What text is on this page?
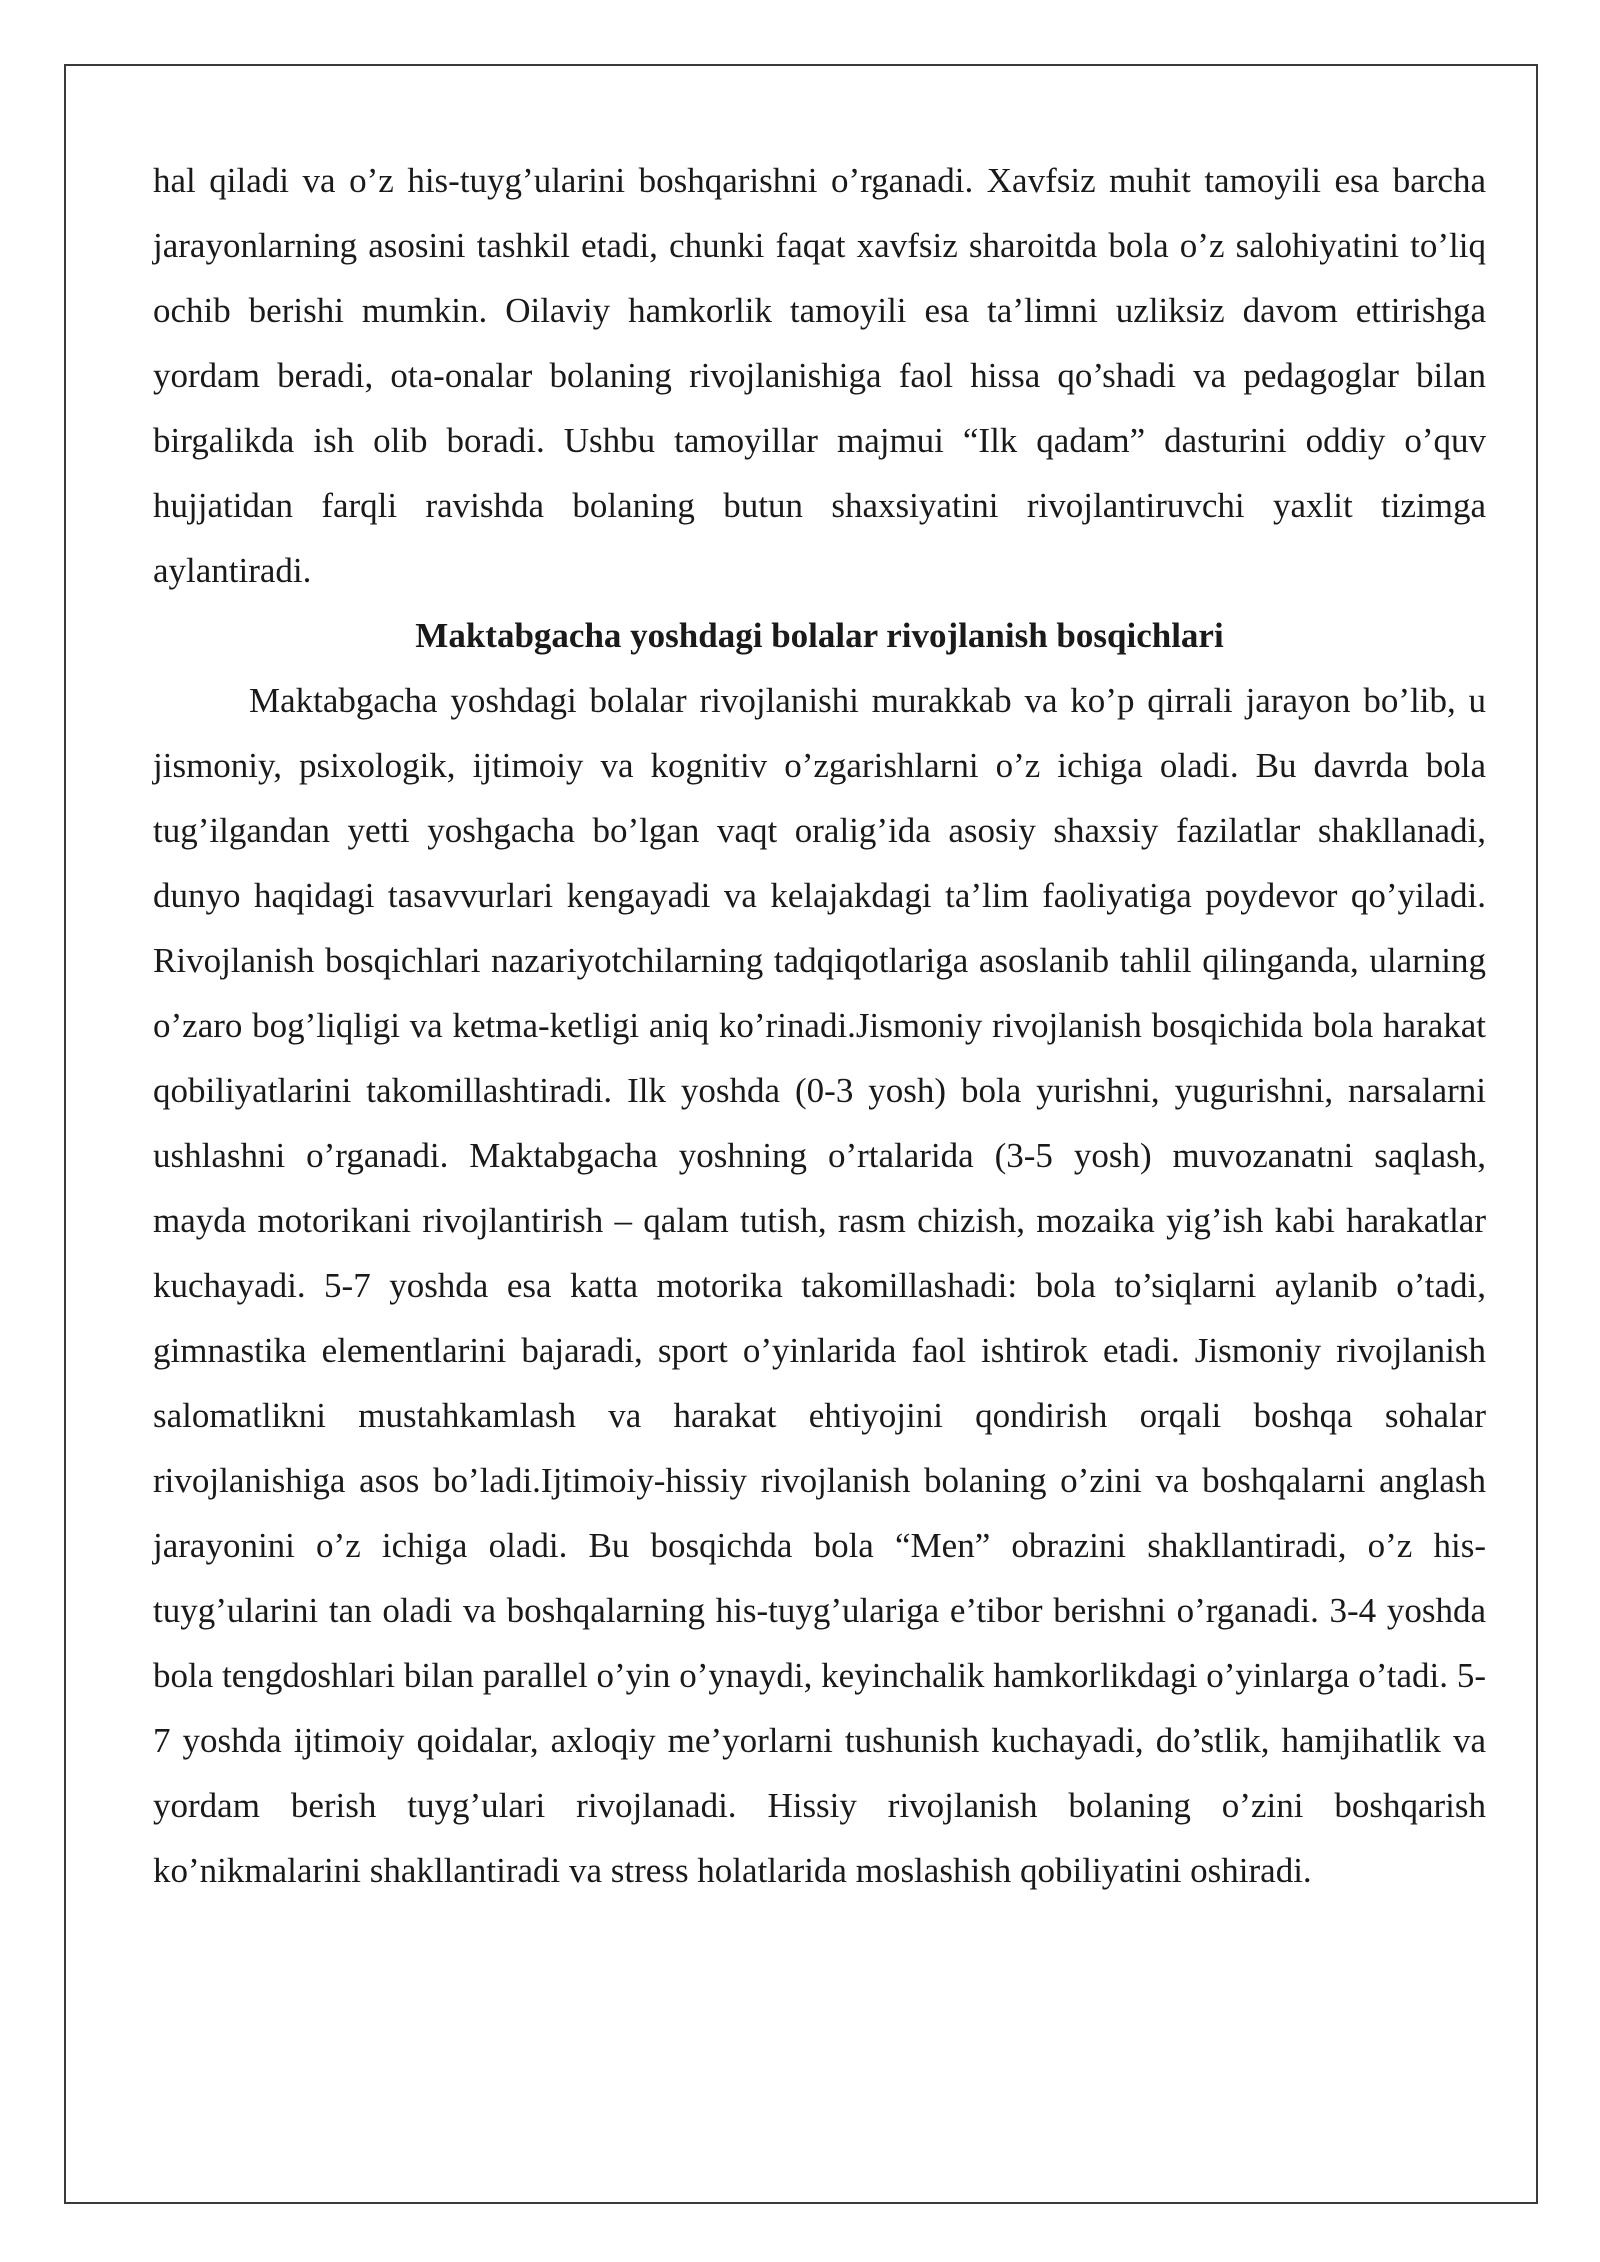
hal qiladi va o’z his-tuyg’ularini boshqarishni o’rganadi. Xavfsiz muhit tamoyili esa barcha jarayonlarning asosini tashkil etadi, chunki faqat xavfsiz sharoitda bola o’z salohiyatini to’liq ochib berishi mumkin. Oilaviy hamkorlik tamoyili esa ta’limni uzliksiz davom ettirishga yordam beradi, ota-onalar bolaning rivojlanishiga faol hissa qo’shadi va pedagoglar bilan birgalikda ish olib boradi. Ushbu tamoyillar majmui “Ilk qadam” dasturini oddiy o’quv hujjatidan farqli ravishda bolaning butun shaxsiyatini rivojlantiruvchi yaxlit tizimga aylantiradi.

Maktabgacha yoshdagi bolalar rivojlanish bosqichlari

Maktabgacha yoshdagi bolalar rivojlanishi murakkab va ko’p qirrali jarayon bo’lib, u jismoniy, psixologik, ijtimoiy va kognitiv o’zgarishlarni o’z ichiga oladi. Bu davrda bola tug’ilgandan yetti yoshgacha bo’lgan vaqt oralig’ida asosiy shaxsiy fazilatlar shakllanadi, dunyo haqidagi tasavvurlari kengayadi va kelajakdagi ta’lim faoliyatiga poydevor qo’yiladi. Rivojlanish bosqichlari nazariyotchilarning tadqiqotlariga asoslanib tahlil qilinganda, ularning o’zaro bog’liqligi va ketma-ketligi aniq ko’rinadi.Jismoniy rivojlanish bosqichida bola harakat qobiliyatlarini takomillashtiradi. Ilk yoshda (0-3 yosh) bola yurishni, yugurishni, narsalarni ushlashni o’rganadi. Maktabgacha yoshning o’rtalarida (3-5 yosh) muvozanatni saqlash, mayda motorikani rivojlantirish – qalam tutish, rasm chizish, mozaika yig’ish kabi harakatlar kuchayadi. 5-7 yoshda esa katta motorika takomillashadi: bola to’siqlarni aylanib o’tadi, gimnastika elementlarini bajaradi, sport o’yinlarida faol ishtirok etadi. Jismoniy rivojlanish salomatlikni mustahkamlash va harakat ehtiyojini qondirish orqali boshqa sohalar rivojlanishiga asos bo’ladi.Ijtimoiy-hissiy rivojlanish bolaning o’zini va boshqalarni anglash jarayonini o’z ichiga oladi. Bu bosqichda bola “Men” obrazini shakllantiradi, o’z his-tuyg’ularini tan oladi va boshqalarning his-tuyg’ulariga e’tibor berishni o’rganadi. 3-4 yoshda bola tengdoshlari bilan parallel o’yin o’ynaydi, keyinchalik hamkorlikdagi o’yinlarga o’tadi. 5-7 yoshda ijtimoiy qoidalar, axloqiy me’yorlarni tushunish kuchayadi, do’stlik, hamjihatlik va yordam berish tuyg’ulari rivojlanadi. Hissiy rivojlanish bolaning o’zini boshqarish ko’nikmalarini shakllantiradi va stress holatlarida moslashish qobiliyatini oshiradi.
